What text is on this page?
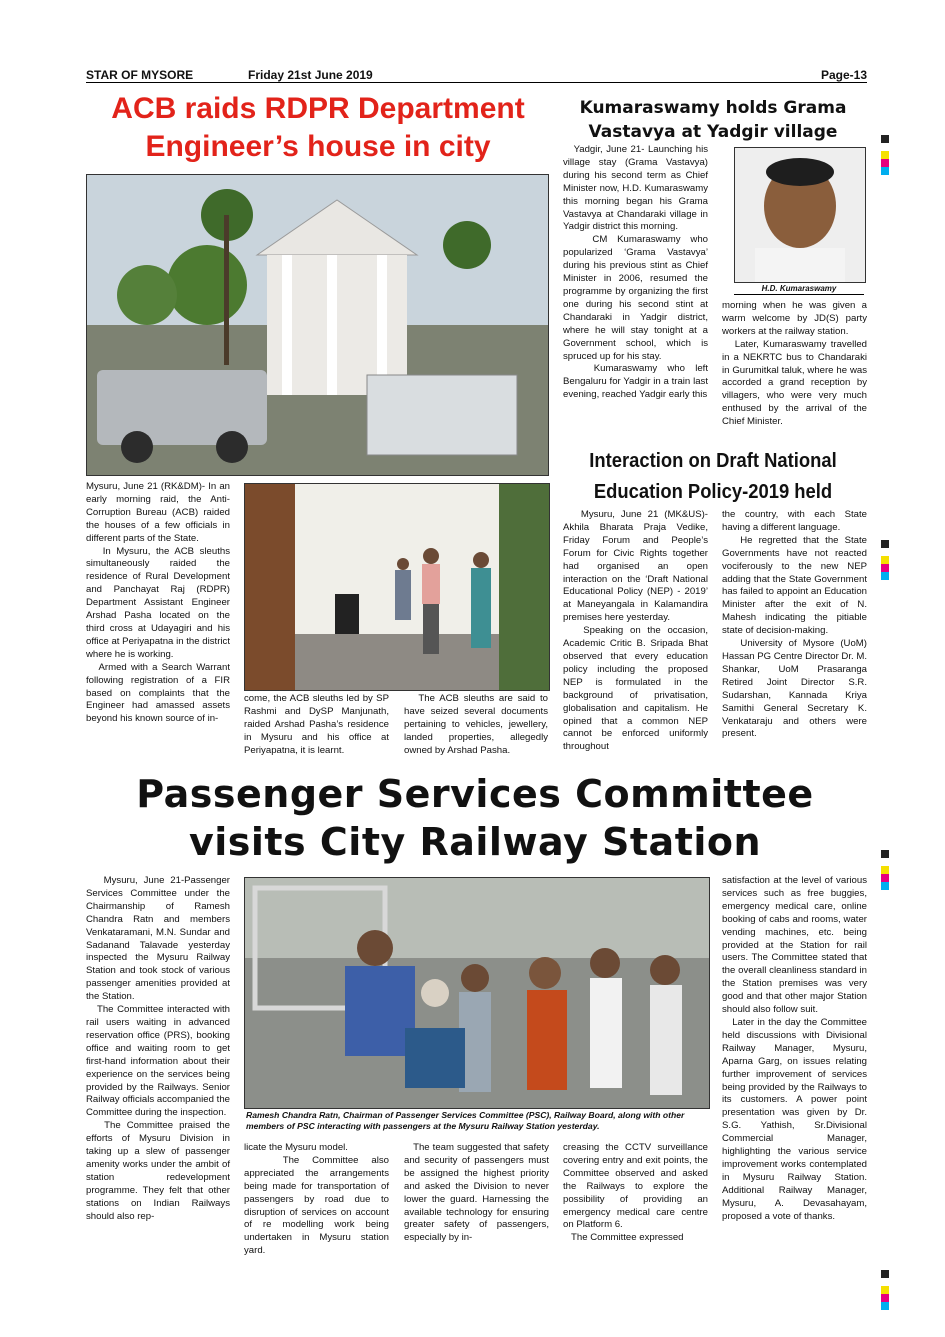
STAR OF MYSORE	Friday 21st June 2019	Page-13
ACB raids RDPR Department
Engineer’s house in city
Mysuru, June 21 (RK&DM)- In an early morning raid, the Anti-Corruption Bureau (ACB) raided the houses of a few officials in different parts of the State.
In Mysuru, the ACB sleuths simultaneously raided the residence of Rural Development and Panchayat Raj (RDPR) Department Assistant Engineer Arshad Pasha located on the third cross at Udayagiri and his office at Periyapatna in the district where he is working.
Armed with a Search Warrant following registration of a FIR based on complaints that the Engineer had amassed assets beyond his known source of in-
come, the ACB sleuths led by SP Rashmi and DySP Manjunath, raided Arshad Pasha’s residence in Mysuru and his office at Periyapatna, it is learnt.
The ACB sleuths are said to have seized several documents pertaining to vehicles, jewellery, landed properties, allegedly owned by Arshad Pasha.
Kumaraswamy holds Grama
Vastavya at Yadgir village
Yadgir, June 21- Launching his village stay (Grama Vastavya) during his second term as Chief Minister now, H.D. Kumaraswamy this morning began his Grama Vastavya at Chandaraki village in Yadgir district this morning.
CM Kumaraswamy who popularized ‘Grama Vastavya’ during his previous stint as Chief Minister in 2006, resumed the programme by organizing the first one during his second stint at Chandaraki in Yadgir district, where he will stay tonight at a Government school, which is spruced up for his stay.
Kumaraswamy who left Bengaluru for Yadgir in a train last evening, reached Yadgir early this
H.D. Kumaraswamy
morning when he was given a warm welcome by JD(S) party workers at the railway station.
Later, Kumaraswamy travelled in a NEKRTC bus to Chandaraki in Gurumitkal taluk, where he was accorded a grand reception by villagers, who were very much enthused by the arrival of the Chief Minister.
Interaction on Draft National
Education Policy-2019 held
Mysuru, June 21 (MK&US)- Akhila Bharata Praja Vedike, Friday Forum and People’s Forum for Civic Rights together had organised an open interaction on the ‘Draft National Educational Policy (NEP) - 2019’ at Maneyangala in Kalamandira premises here yesterday.
Speaking on the occasion, Academic Critic B. Sripada Bhat observed that every education policy including the proposed NEP is formulated in the background of privatisation, globalisation and capitalism. He opined that a common NEP cannot be enforced uniformly throughout
the country, with each State having a different language.
He regretted that the State Governments have not reacted vociferously to the new NEP adding that the State Government has failed to appoint an Education Minister after the exit of N. Mahesh indicating the pitiable state of decision-making.
University of Mysore (UoM) Hassan PG Centre Director Dr. M. Shankar, UoM Prasaranga Retired Joint Director S.R. Sudarshan, Kannada Kriya Samithi General Secretary K. Venkataraju and others were present.
Passenger Services Committee
visits City Railway Station
Mysuru, June 21-Passenger Services Committee under the Chairmanship of Ramesh Chandra Ratn and members Venkataramani, M.N. Sundar and Sadanand Talavade yesterday inspected the Mysuru Railway Station and took stock of various passenger amenities provided at the Station.
The Committee interacted with rail users waiting in advanced reservation office (PRS), booking office and waiting room to get first-hand information about their experience on the services being provided by the Railways. Senior Railway officials accompanied the Committee during the inspection.
The Committee praised the efforts of Mysuru Division in taking up a slew of passenger amenity works under the ambit of station redevelopment programme. They felt that other stations on Indian Railways should also rep-
Ramesh Chandra Ratn, Chairman of Passenger Services Committee (PSC), Railway Board, along with other members of PSC interacting with passengers at the Mysuru Railway Station yesterday.
licate the Mysuru model.
The Committee also appreciated the arrangements being made for transportation of passengers by road due to disruption of services on account of re modelling work being undertaken in Mysuru station yard.
The team suggested that safety and security of passengers must be assigned the highest priority and asked the Division to never lower the guard. Harnessing the available technology for ensuring greater safety of passengers, especially by in-
creasing the CCTV surveillance covering entry and exit points, the Committee observed and asked the Railways to explore the possibility of providing an emergency medical care centre on Platform 6.
The Committee expressed
satisfaction at the level of various services such as free buggies, emergency medical care, online booking of cabs and rooms, water vending machines, etc. being provided at the Station for rail users. The Committee stated that the overall cleanliness standard in the Station premises was very good and that other major Station should also follow suit.
Later in the day the Committee held discussions with Divisional Railway Manager, Mysuru, Aparna Garg, on issues relating further improvement of services being provided by the Railways to its customers. A power point presentation was given by Dr. S.G. Yathish, Sr.Divisional Commercial Manager, highlighting the various service improvement works contemplated in Mysuru Railway Station. Additional Railway Manager, Mysuru, A. Devasahayam, proposed a vote of thanks.
